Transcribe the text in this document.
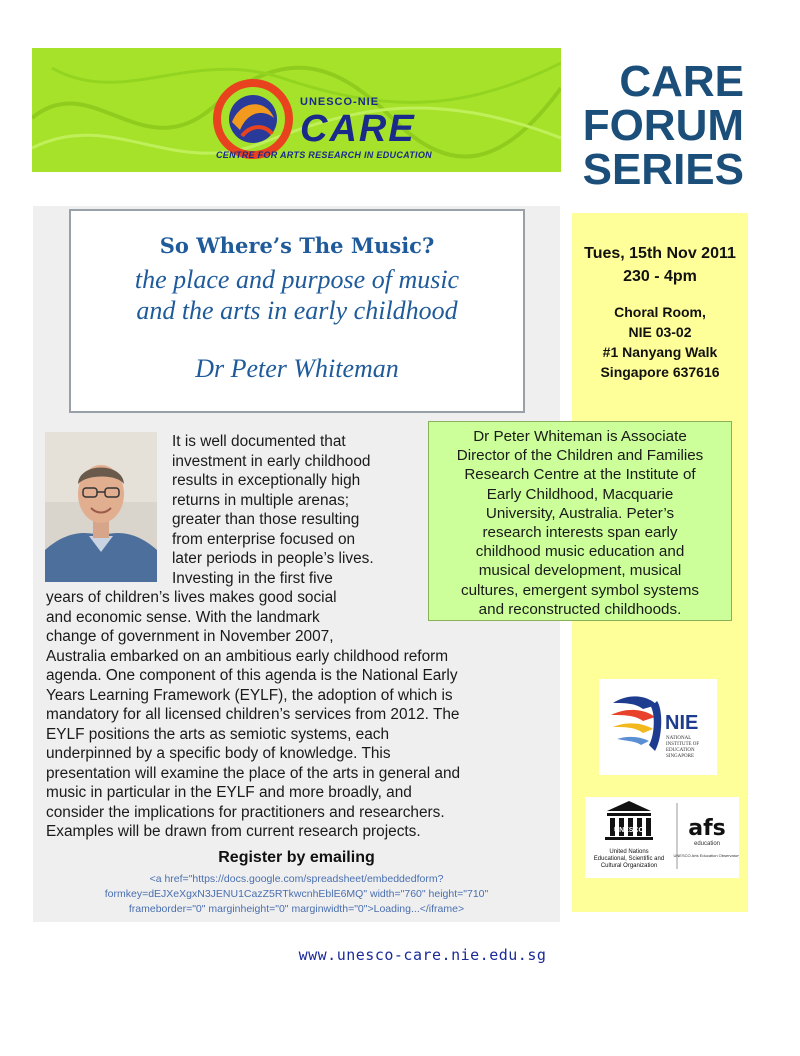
UNESCO-NIE
CARE
CENTRE FOR ARTS RESEARCH IN EDUCATION
CARE
FORUM
SERIES
So Where’s The Music?
the place and purpose of music
and the arts in early childhood
Dr Peter Whiteman
It is well documented that
investment in early childhood
results in exceptionally high
returns in multiple arenas;
greater than those resulting
from enterprise focused on
later periods in people’s lives.
Investing in the first five
years of children’s lives makes good social
and economic sense. With the landmark
change of government in November 2007,
Australia embarked on an ambitious early childhood reform
agenda. One component of this agenda is the National Early
Years Learning Framework (EYLF), the adoption of which is
mandatory for all licensed children’s services from 2012. The
EYLF positions the arts as semiotic systems, each
underpinned by a specific body of knowledge. This
presentation will examine the place of the arts in general and
music in particular in the EYLF and more broadly, and
consider the implications for practitioners and researchers.
Examples will be drawn from current research projects.
Tues, 15th Nov 2011
230 - 4pm
Choral Room,
NIE 03-02
#1 Nanyang Walk
Singapore 637616
Dr Peter Whiteman is Associate
Director of the Children and Families
Research Centre at the Institute of
Early Childhood, Macquarie
University, Australia. Peter’s
research interests span early
childhood music education and
musical development, musical
cultures, emergent symbol systems
and reconstructed childhoods.
NIE
NATIONAL
INSTITUTE OF
EDUCATION
SINGAPORE
UNESCO
United Nations
Educational, Scientific and
Cultural Organization
afs
education
UNESCO Arts Education Observatory
Register by emailing
<a href="https://docs.google.com/spreadsheet/embeddedform?
formkey=dEJXeXgxN3JENU1CazZ5RTkwcnhEblE6MQ" width="760" height="710"
frameborder="0" marginheight="0" marginwidth="0">Loading...</iframe>
www.unesco-care.nie.edu.sg
